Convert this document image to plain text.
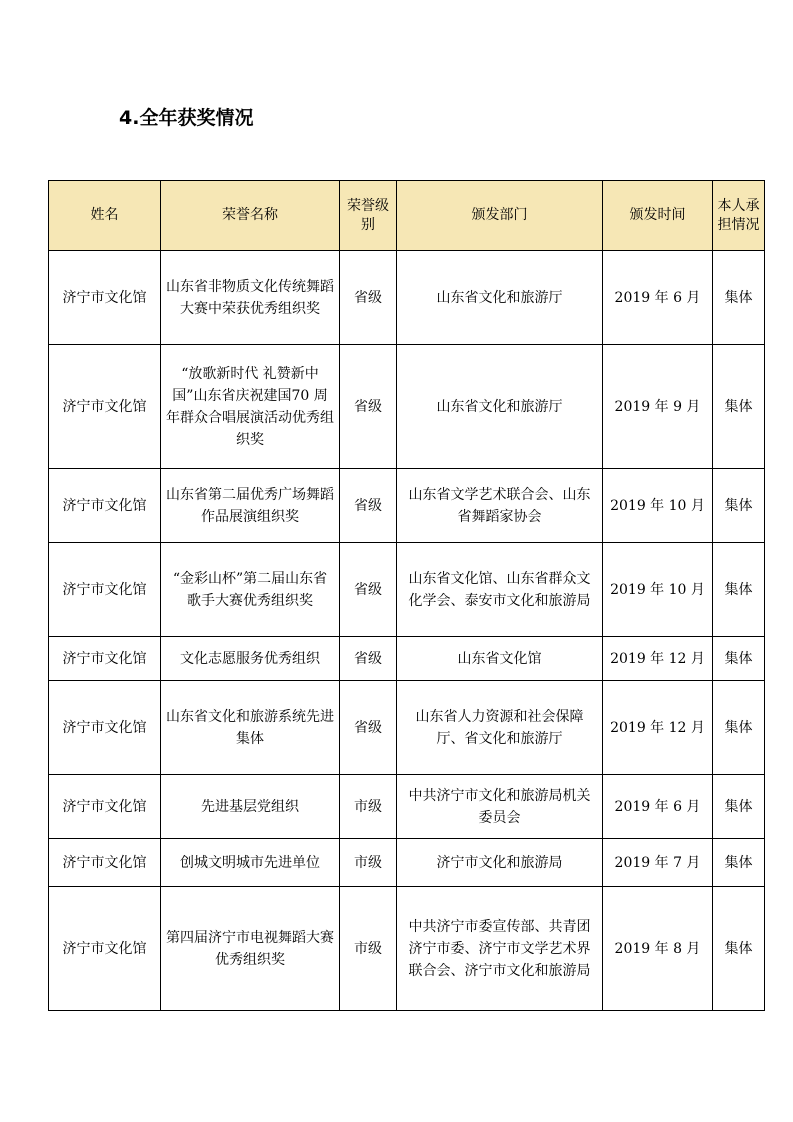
4.全年获奖情况
姓名	荣誉名称	荣誉级别	颁发部门	颁发时间	本人承担情况
济宁市文化馆	山东省非物质文化传统舞蹈大赛中荣获优秀组织奖	省级	山东省文化和旅游厅	2019 年 6 月	集体
济宁市文化馆	“放歌新时代 礼赞新中国”山东省庆祝建国70 周年群众合唱展演活动优秀组织奖	省级	山东省文化和旅游厅	2019 年 9 月	集体
济宁市文化馆	山东省第二届优秀广场舞蹈作品展演组织奖	省级	山东省文学艺术联合会、山东省舞蹈家协会	2019 年 10 月	集体
济宁市文化馆	“金彩山杯”第二届山东省歌手大赛优秀组织奖	省级	山东省文化馆、山东省群众文化学会、泰安市文化和旅游局	2019 年 10 月	集体
济宁市文化馆	文化志愿服务优秀组织	省级	山东省文化馆	2019 年 12 月	集体
济宁市文化馆	山东省文化和旅游系统先进集体	省级	山东省人力资源和社会保障厅、省文化和旅游厅	2019 年 12 月	集体
济宁市文化馆	先进基层党组织	市级	中共济宁市文化和旅游局机关委员会	2019 年 6 月	集体
济宁市文化馆	创城文明城市先进单位	市级	济宁市文化和旅游局	2019 年 7 月	集体
济宁市文化馆	第四届济宁市电视舞蹈大赛优秀组织奖	市级	中共济宁市委宣传部、共青团济宁市委、济宁市文学艺术界联合会、济宁市文化和旅游局	2019 年 8 月	集体
